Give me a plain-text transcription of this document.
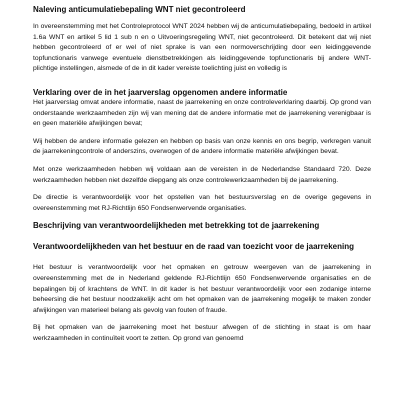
Naleving anticumulatiebepaling WNT niet gecontroleerd
In overeenstemming met het Controleprotocol WNT 2024 hebben wij de anticumulatiebepaling, bedoeld in artikel 1.6a WNT en artikel 5 lid 1 sub n en o Uitvoeringsregeling WNT, niet gecontroleerd. Dit betekent dat wij niet hebben gecontroleerd of er wel of niet sprake is van een normoverschrijding door een leidinggevende topfunctionaris vanwege eventuele dienstbetrekkingen als leidinggevende topfunctionaris bij andere WNT-plichtige instellingen, alsmede of de in dit kader vereiste toelichting juist en volledig is
Verklaring over de in het jaarverslag opgenomen andere informatie
Het jaarverslag omvat andere informatie, naast de jaarrekening en onze controleverklaring daarbij. Op grond van onderstaande werkzaamheden zijn wij van mening dat de andere informatie met de jaarrekening verenigbaar is en geen materiële afwijkingen bevat;
Wij hebben de andere informatie gelezen en hebben op basis van onze kennis en ons begrip, verkregen vanuit de jaarrekeningcontrole of anderszins, overwogen of de andere informatie materiële afwijkingen bevat.
Met onze werkzaamheden hebben wij voldaan aan de vereisten in de Nederlandse Standaard 720. Deze werkzaamheden hebben niet dezelfde diepgang als onze controlewerkzaamheden bij de jaarrekening.
De directie is verantwoordelijk voor het opstellen van het bestuursverslag en de overige gegevens in overeenstemming met RJ-Richtlijn 650 Fondsenwervende organisaties.
Beschrijving van verantwoordelijkheden met betrekking tot de jaarrekening
Verantwoordelijkheden van het bestuur en de raad van toezicht voor de jaarrekening
Het bestuur is verantwoordelijk voor het opmaken en getrouw weergeven van de jaarrekening in overeenstemming met de in Nederland geldende RJ-Richtlijn 650 Fondsenwervende organisaties en de bepalingen bij of krachtens de WNT. In dit kader is het bestuur verantwoordelijk voor een zodanige interne beheersing die het bestuur noodzakelijk acht om het opmaken van de jaarrekening mogelijk te maken zonder afwijkingen van materieel belang als gevolg van fouten of fraude.
Bij het opmaken van de jaarrekening moet het bestuur afwegen of de stichting in staat is om haar werkzaamheden in continuïteit voort te zetten. Op grond van genoemd
